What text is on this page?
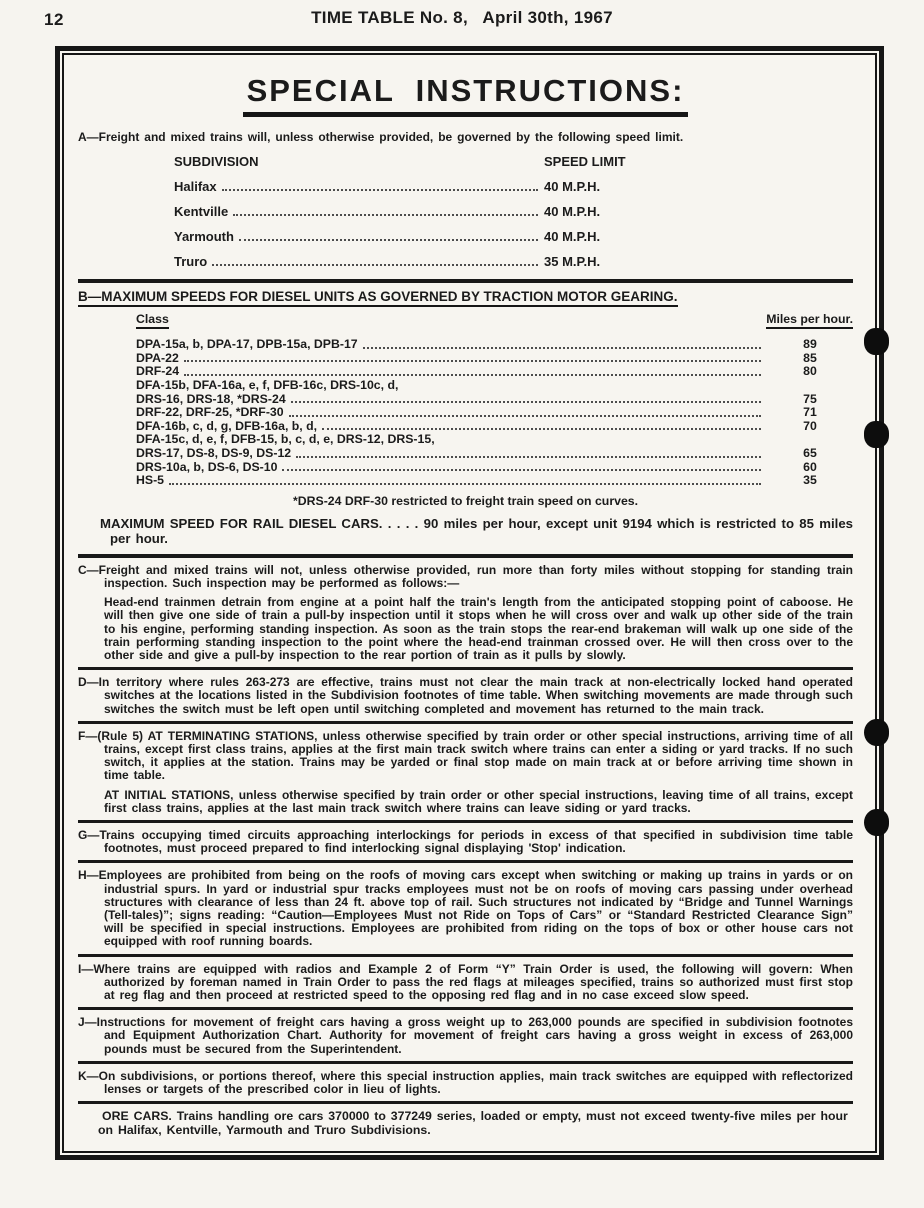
12	TIME TABLE No. 8,   April 30th, 1967
SPECIAL  INSTRUCTIONS:
A—Freight and mixed trains will, unless otherwise provided, be governed by the following speed limit.
SUBDIVISION	SPEED LIMIT
Halifax	40 M.P.H.
Kentville	40 M.P.H.
Yarmouth	40 M.P.H.
Truro	35 M.P.H.
B—MAXIMUM SPEEDS FOR DIESEL UNITS AS GOVERNED BY TRACTION MOTOR GEARING.
Class	Miles per hour.
DPA-15a, b, DPA-17, DPB-15a, DPB-17	89
DPA-22	85
DRF-24	80
DFA-15b, DFA-16a, e, f, DFB-16c, DRS-10c, d,
DRS-16, DRS-18, *DRS-24	75
DRF-22, DRF-25, *DRF-30	71
DFA-16b, c, d, g, DFB-16a, b, d,	70
DFA-15c, d, e, f, DFB-15, b, c, d, e, DRS-12, DRS-15,
DRS-17, DS-8, DS-9, DS-12	65
DRS-10a, b, DS-6, DS-10	60
HS-5	35
*DRS-24 DRF-30 restricted to freight train speed on curves.
MAXIMUM SPEED FOR RAIL DIESEL CARS. . . . . 90 miles per hour, except unit 9194 which is restricted to 85 miles per hour.
C—Freight and mixed trains will not, unless otherwise provided, run more than forty miles without stopping for standing train inspection. Such inspection may be performed as follows:—
Head-end trainmen detrain from engine at a point half the train's length from the anticipated stopping point of caboose. He will then give one side of train a pull-by inspection until it stops when he will cross over and walk up other side of the train to his engine, performing standing inspection. As soon as the train stops the rear-end brakeman will walk up one side of the train performing standing inspection to the point where the head-end trainman crossed over. He will then cross over to the other side and give a pull-by inspection to the rear portion of train as it pulls by slowly.
D—In territory where rules 263-273 are effective, trains must not clear the main track at non-electrically locked hand operated switches at the locations listed in the Subdivision footnotes of time table. When switching movements are made through such switches the switch must be left open until switching completed and movement has returned to the main track.
F—(Rule 5) AT TERMINATING STATIONS, unless otherwise specified by train order or other special instructions, arriving time of all trains, except first class trains, applies at the first main track switch where trains can enter a siding or yard tracks. If no such switch, it applies at the station. Trains may be yarded or final stop made on main track at or before arriving time shown in time table.
AT INITIAL STATIONS, unless otherwise specified by train order or other special instructions, leaving time of all trains, except first class trains, applies at the last main track switch where trains can leave siding or yard tracks.
G—Trains occupying timed circuits approaching interlockings for periods in excess of that specified in subdivision time table footnotes, must proceed prepared to find interlocking signal displaying 'Stop' indication.
H—Employees are prohibited from being on the roofs of moving cars except when switching or making up trains in yards or on industrial spurs. In yard or industrial spur tracks employees must not be on roofs of moving cars passing under overhead structures with clearance of less than 24 ft. above top of rail. Such structures not indicated by “Bridge and Tunnel Warnings (Tell-tales)”; signs reading: “Caution—Employees Must not Ride on Tops of Cars” or “Standard Restricted Clearance Sign” will be specified in special instructions. Employees are prohibited from riding on the tops of box or other house cars not equipped with roof running boards.
I—Where trains are equipped with radios and Example 2 of Form “Y” Train Order is used, the following will govern: When authorized by foreman named in Train Order to pass the red flags at mileages specified, trains so authorized must first stop at reg flag and then proceed at restricted speed to the opposing red flag and in no case exceed slow speed.
J—Instructions for movement of freight cars having a gross weight up to 263,000 pounds are specified in subdivision footnotes and Equipment Authorization Chart. Authority for movement of freight cars having a gross weight in excess of 263,000 pounds must be secured from the Superintendent.
K—On subdivisions, or portions thereof, where this special instruction applies, main track switches are equipped with reflectorized lenses or targets of the prescribed color in lieu of lights.
ORE CARS. Trains handling ore cars 370000 to 377249 series, loaded or empty, must not exceed twenty-five miles per hour on Halifax, Kentville, Yarmouth and Truro Subdivisions.
